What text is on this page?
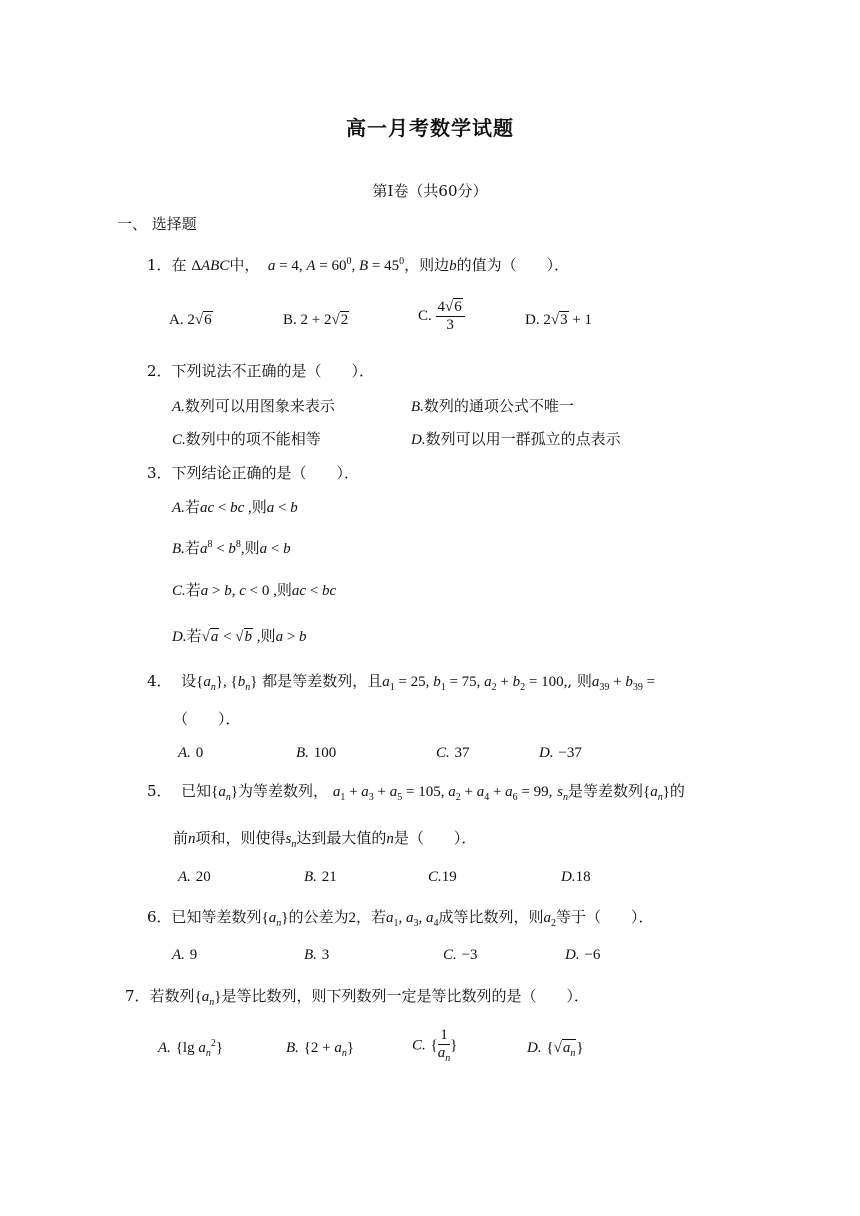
高一月考数学试题
第Ⅰ卷（共60分）
一、 选择题
1．在 ΔABC中， a = 4, $A = 60^0$, $B = 45^0$，则边b的值为（　　）．
A. 2√6	B. 2 + 2√2	C. $\frac{4√6}{3}$	D. 2√3 + 1
2．下列说法不正确的是（　　）．
A.数列可以用图象来表示	B.数列的通项公式不唯一
C.数列中的项不能相等	D.数列可以用一群孤立的点表示
3．下列结论正确的是（　　）．
A.若ac < bc ,则a < b
B.若$a^8 < b^8$,则a < b
C.若a > b, c < 0 ,则ac < bc
D.若√a < √b ,则a > b
4． 设$\{a_n\}$, $\{b_n\}$ 都是等差数列，且$a_1 = 25$, $b_1 = 75$, $a_2 + b_2 = 100$,, 则$a_{39} + b_{39}$ =
（　　）．
A. 0	B. 100	C. 37	D. −37
5． 已知$\{a_n\}$为等差数列， $a_1 + a_3 + a_5 = 105$, $a_2 + a_4 + a_6 = 99$, $s_n$是等差数列$\{a_n\}$的
前n项和，则使得$s_n$达到最大值的n是（　　）．
A. 20	B. 21	C.19	D.18
6．已知等差数列$\{a_n\}$的公差为2，若$a_1$, $a_3$, $a_4$成等比数列，则$a_2$等于（　　）．
A. 9	B. 3	C. −3	D. −6
7．若数列$\{a_n\}$是等比数列，则下列数列一定是等比数列的是（　　）．
A. {lg $a_n^2$}	B. $\{2 + a_n\}$	C. { $\frac{1}{a_n}$ }	D. $\{√a_n\}$
